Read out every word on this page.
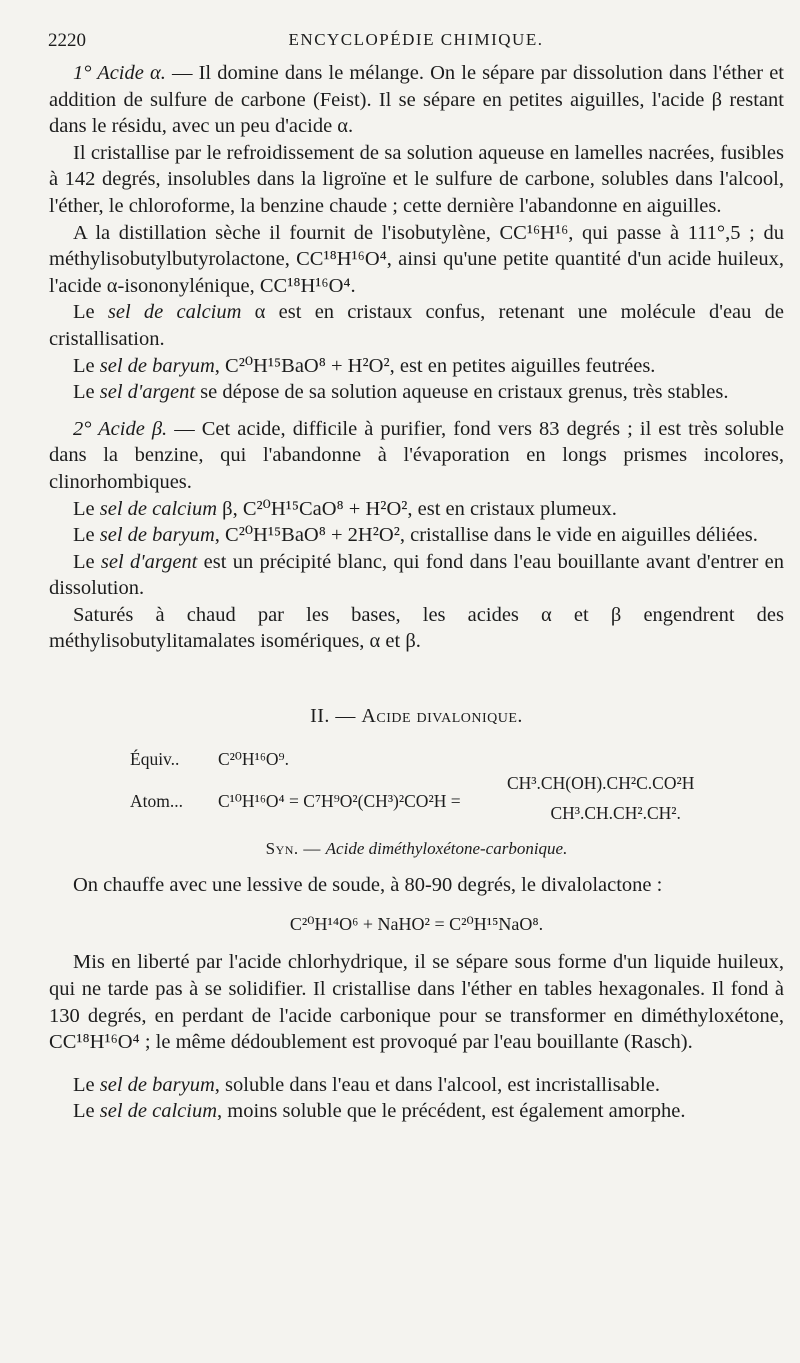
2220	ENCYCLOPÉDIE CHIMIQUE.

1° Acide α. — Il domine dans le mélange. On le sépare par dissolution dans l'éther et addition de sulfure de carbone (Feist). Il se sépare en petites aiguilles, l'acide β restant dans le résidu, avec un peu d'acide α.

Il cristallise par le refroidissement de sa solution aqueuse en lamelles nacrées, fusibles à 142 degrés, insolubles dans la ligroïne et le sulfure de carbone, solubles dans l'alcool, l'éther, le chloroforme, la benzine chaude ; cette dernière l'abandonne en aiguilles.

A la distillation sèche il fournit de l'isobutylène, CC¹⁶H¹⁶, qui passe à 111°,5 ; du méthylisobutylbutyrolactone, CC¹⁸H¹⁶O⁴, ainsi qu'une petite quantité d'un acide huileux, l'acide α-isononylénique, CC¹⁸H¹⁶O⁴.

Le sel de calcium α est en cristaux confus, retenant une molécule d'eau de cristallisation.

Le sel de baryum, C²⁰H¹⁵BaO⁸ + H²O², est en petites aiguilles feutrées.

Le sel d'argent se dépose de sa solution aqueuse en cristaux grenus, très stables.

2° Acide β. — Cet acide, difficile à purifier, fond vers 83 degrés ; il est très soluble dans la benzine, qui l'abandonne à l'évaporation en longs prismes incolores, clinorhombiques.

Le sel de calcium β, C²⁰H¹⁵CaO⁸ + H²O², est en cristaux plumeux.

Le sel de baryum, C²⁰H¹⁵BaO⁸ + 2H²O², cristallise dans le vide en aiguilles déliées.

Le sel d'argent est un précipité blanc, qui fond dans l'eau bouillante avant d'entrer en dissolution.

Saturés à chaud par les bases, les acides α et β engendrent des méthylisobutylitamalates isomériques, α et β.

II. — Acide divalonique.
Équiv.. C²⁰H¹⁶O⁹.
Atom... C¹⁰H¹⁶O⁴ = C⁷H⁹O²(CH³)²CO²H =
CH³.CH(OH).CH²C.CO²H
CH³.CH.CH².CH².
Syn. — Acide diméthyloxétone-carbonique.

On chauffe avec une lessive de soude, à 80-90 degrés, le divalolactone :

C²⁰H¹⁴O⁶ + NaHO² = C²⁰H¹⁵NaO⁸.

Mis en liberté par l'acide chlorhydrique, il se sépare sous forme d'un liquide huileux, qui ne tarde pas à se solidifier. Il cristallise dans l'éther en tables hexagonales. Il fond à 130 degrés, en perdant de l'acide carbonique pour se transformer en diméthyloxétone, CC¹⁸H¹⁶O⁴ ; le même dédoublement est provoqué par l'eau bouillante (Rasch).

Le sel de baryum, soluble dans l'eau et dans l'alcool, est incristallisable.

Le sel de calcium, moins soluble que le précédent, est également amorphe.
